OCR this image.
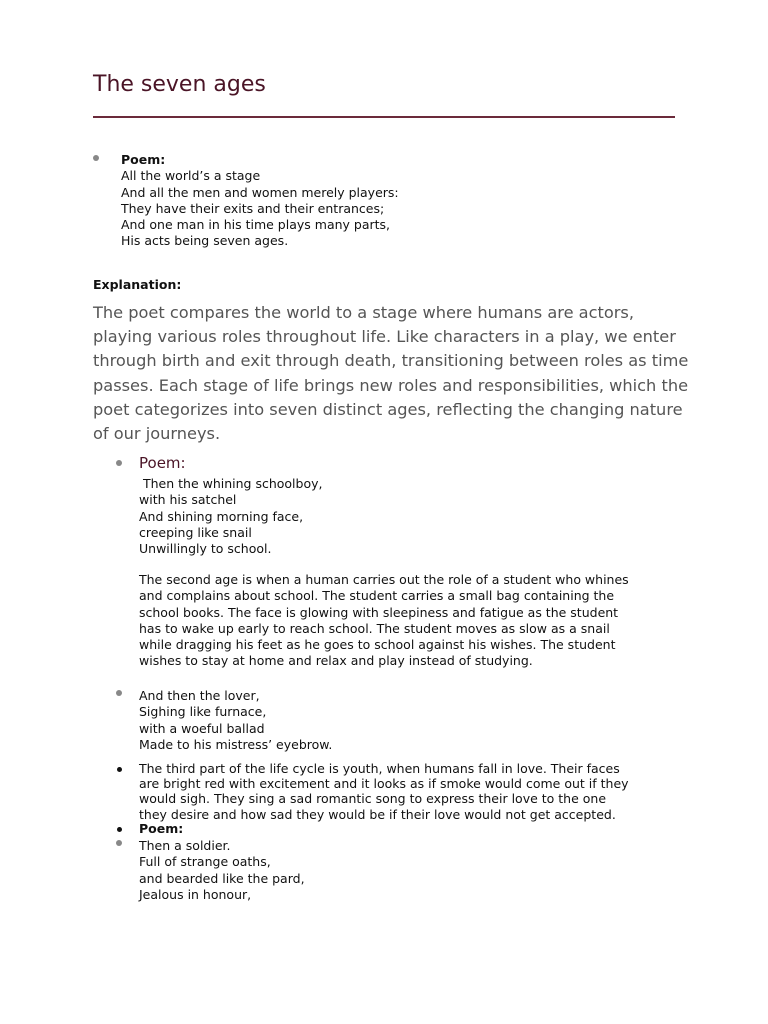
The seven ages
Poem:
All the world’s a stage
And all the men and women merely players:
They have their exits and their entrances;
And one man in his time plays many parts,
His acts being seven ages.
Explanation:
The poet compares the world to a stage where humans are actors,
playing various roles throughout life. Like characters in a play, we enter
through birth and exit through death, transitioning between roles as time
passes. Each stage of life brings new roles and responsibilities, which the
poet categorizes into seven distinct ages, reflecting the changing nature
of our journeys.
Poem:
Then the whining schoolboy,
with his satchel
And shining morning face,
creeping like snail
Unwillingly to school.
The second age is when a human carries out the role of a student who whines
and complains about school. The student carries a small bag containing the
school books. The face is glowing with sleepiness and fatigue as the student
has to wake up early to reach school. The student moves as slow as a snail
while dragging his feet as he goes to school against his wishes. The student
wishes to stay at home and relax and play instead of studying.
And then the lover,
Sighing like furnace,
with a woeful ballad
Made to his mistress’ eyebrow.
The third part of the life cycle is youth, when humans fall in love. Their faces
are bright red with excitement and it looks as if smoke would come out if they
would sigh. They sing a sad romantic song to express their love to the one
they desire and how sad they would be if their love would not get accepted.
Poem:
Then a soldier.
Full of strange oaths,
and bearded like the pard,
Jealous in honour,
